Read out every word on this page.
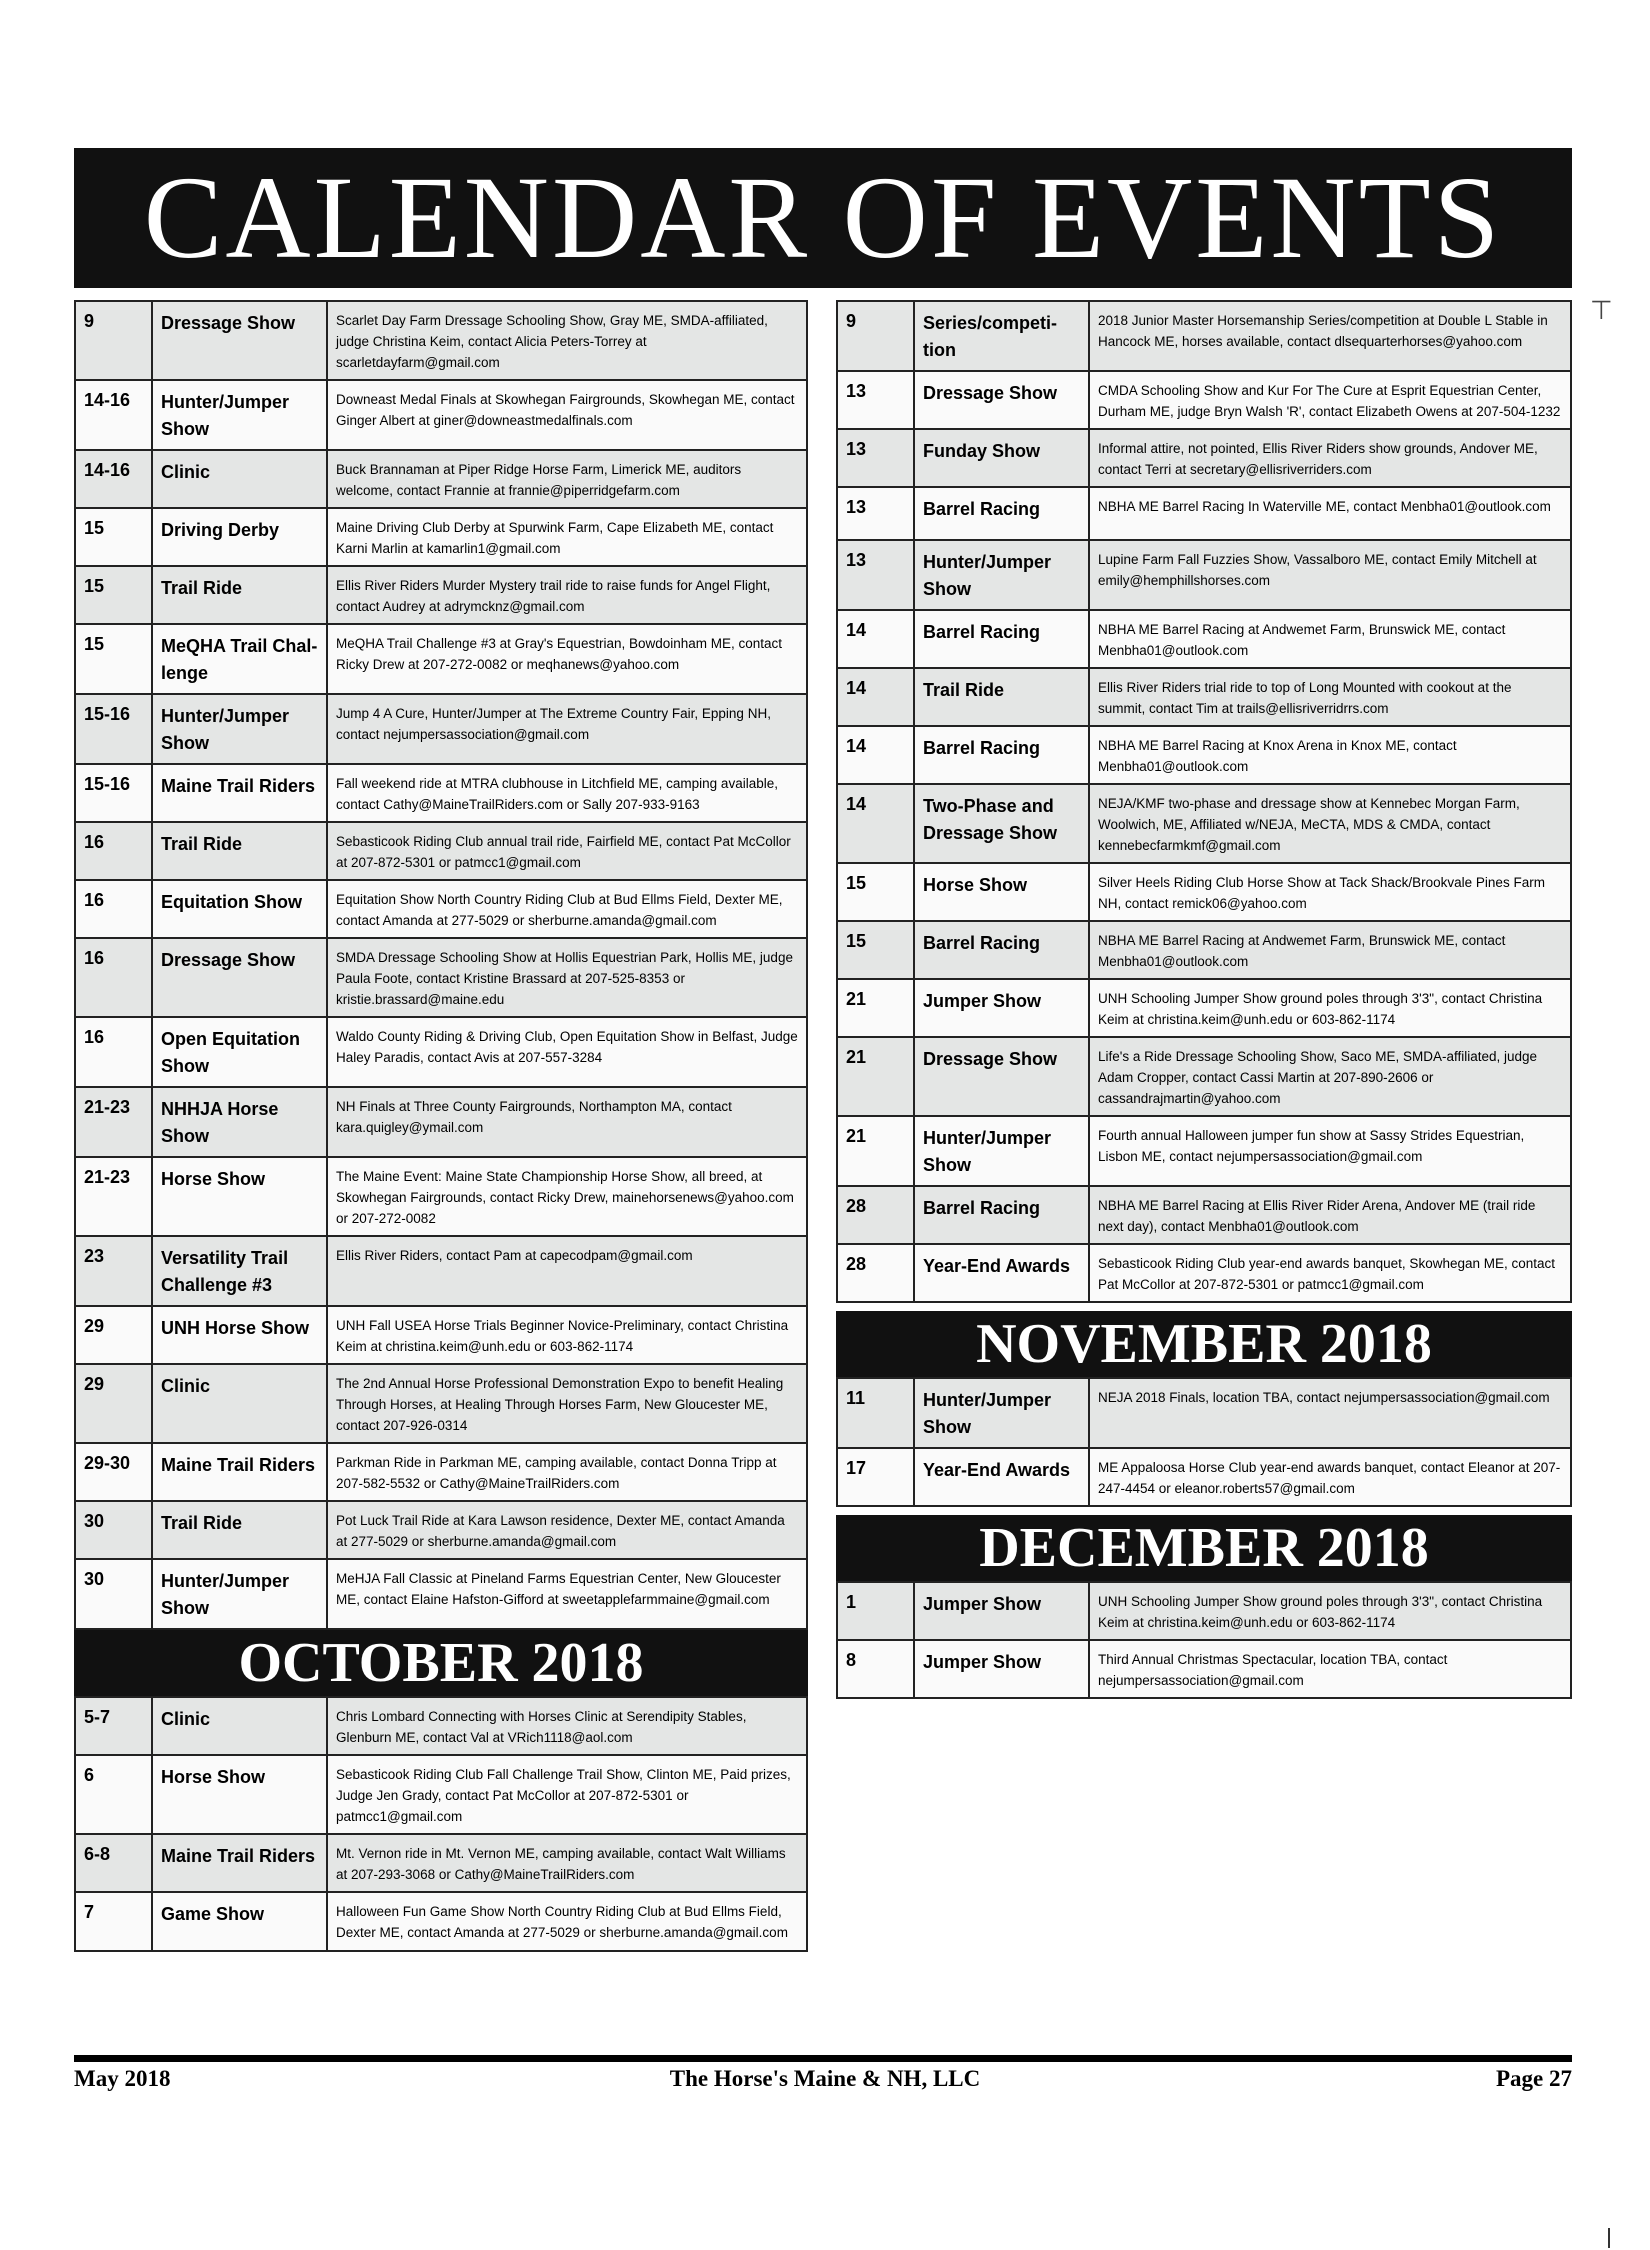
CALENDAR OF EVENTS
⊤
9	Dressage Show	Scarlet Day Farm Dressage Schooling Show, Gray ME, SMDA-affiliated, judge Christina Keim, contact Alicia Peters-Torrey at scarletdayfarm@gmail.com
14-16	Hunter/Jumper Show	Downeast Medal Finals at Skowhegan Fairgrounds, Skowhegan ME, contact Ginger Albert at giner@downeastmedalfinals.com
14-16	Clinic	Buck Brannaman at Piper Ridge Horse Farm, Limerick ME, auditors welcome, contact Frannie at frannie@piperridgefarm.com
15	Driving Derby	Maine Driving Club Derby at Spurwink Farm, Cape Elizabeth ME, contact Karni Marlin at kamarlin1@gmail.com
15	Trail Ride	Ellis River Riders Murder Mystery trail ride to raise funds for Angel Flight, contact Audrey at adrymcknz@gmail.com
15	MeQHA Trail Chal-lenge	MeQHA Trail Challenge #3 at Gray's Equestrian, Bowdoinham ME, contact Ricky Drew at 207-272-0082 or meqhanews@yahoo.com
15-16	Hunter/Jumper Show	Jump 4 A Cure, Hunter/Jumper at The Extreme Country Fair, Epping NH, contact nejumpersassociation@gmail.com
15-16	Maine Trail Riders	Fall weekend ride at MTRA clubhouse in Litchfield ME, camping available, contact Cathy@MaineTrailRiders.com or Sally 207-933-9163
16	Trail Ride	Sebasticook Riding Club annual trail ride, Fairfield ME, contact Pat McCollor at 207-872-5301 or patmcc1@gmail.com
16	Equitation Show	Equitation Show North Country Riding Club at Bud Ellms Field, Dexter ME, contact Amanda at 277-5029 or sherburne.amanda@gmail.com
16	Dressage Show	SMDA Dressage Schooling Show at Hollis Equestrian Park, Hollis ME, judge Paula Foote, contact Kristine Brassard at 207-525-8353 or kristie.brassard@maine.edu
16	Open Equitation Show	Waldo County Riding & Driving Club, Open Equitation Show in Belfast, Judge Haley Paradis, contact Avis at 207-557-3284
21-23	NHHJA Horse Show	NH Finals at Three County Fairgrounds, Northampton MA, contact kara.quigley@ymail.com
21-23	Horse Show	The Maine Event: Maine State Championship Horse Show, all breed, at Skowhegan Fairgrounds, contact Ricky Drew, mainehorsenews@yahoo.com or 207-272-0082
23	Versatility Trail Challenge #3	Ellis River Riders, contact Pam at capecodpam@gmail.com
29	UNH Horse Show	UNH Fall USEA Horse Trials Beginner Novice-Preliminary, contact Christina Keim at christina.keim@unh.edu or 603-862-1174
29	Clinic	The 2nd Annual Horse Professional Demonstration Expo to benefit Healing Through Horses, at Healing Through Horses Farm, New Gloucester ME, contact 207-926-0314
29-30	Maine Trail Riders	Parkman Ride in Parkman ME, camping available, contact Donna Tripp at 207-582-5532 or Cathy@MaineTrailRiders.com
30	Trail Ride	Pot Luck Trail Ride at Kara Lawson residence, Dexter ME, contact Amanda at 277-5029 or sherburne.amanda@gmail.com
30	Hunter/Jumper Show	MeHJA Fall Classic at Pineland Farms Equestrian Center, New Gloucester ME, contact Elaine Hafston-Gifford at sweetapplefarmmaine@gmail.com
OCTOBER 2018
5-7	Clinic	Chris Lombard Connecting with Horses Clinic at Serendipity Stables, Glenburn ME, contact Val at VRich1118@aol.com
6	Horse Show	Sebasticook Riding Club Fall Challenge Trail Show, Clinton ME, Paid prizes, Judge Jen Grady, contact Pat McCollor at 207-872-5301 or patmcc1@gmail.com
6-8	Maine Trail Riders	Mt. Vernon ride in Mt. Vernon ME, camping available, contact Walt Williams at 207-293-3068 or Cathy@MaineTrailRiders.com
7	Game Show	Halloween Fun Game Show North Country Riding Club at Bud Ellms Field, Dexter ME, contact Amanda at 277-5029 or sherburne.amanda@gmail.com
9	Series/competi-tion	2018 Junior Master Horsemanship Series/competition at Double L Stable in Hancock ME, horses available, contact dlsequarterhorses@yahoo.com
13	Dressage Show	CMDA Schooling Show and Kur For The Cure at Esprit Equestrian Center, Durham ME, judge Bryn Walsh 'R', contact Elizabeth Owens at 207-504-1232
13	Funday Show	Informal attire, not pointed, Ellis River Riders show grounds, Andover ME, contact Terri at secretary@ellisriverriders.com
13	Barrel Racing	NBHA ME Barrel Racing In Waterville ME, contact Menbha01@outlook.com
13	Hunter/Jumper Show	Lupine Farm Fall Fuzzies Show, Vassalboro ME, contact Emily Mitchell at emily@hemphillshorses.com
14	Barrel Racing	NBHA ME Barrel Racing at Andwemet Farm, Brunswick ME, contact Menbha01@outlook.com
14	Trail Ride	Ellis River Riders trial ride to top of Long Mounted with cookout at the summit, contact Tim at trails@ellisriverridrrs.com
14	Barrel Racing	NBHA ME Barrel Racing at Knox Arena in Knox ME, contact Menbha01@outlook.com
14	Two-Phase and Dressage Show	NEJA/KMF two-phase and dressage show at Kennebec Morgan Farm, Woolwich, ME, Affiliated w/NEJA, MeCTA, MDS & CMDA, contact kennebecfarmkmf@gmail.com
15	Horse Show	Silver Heels Riding Club Horse Show at Tack Shack/Brookvale Pines Farm NH, contact remick06@yahoo.com
15	Barrel Racing	NBHA ME Barrel Racing at Andwemet Farm, Brunswick ME, contact Menbha01@outlook.com
21	Jumper Show	UNH Schooling Jumper Show ground poles through 3'3", contact Christina Keim at christina.keim@unh.edu or 603-862-1174
21	Dressage Show	Life's a Ride Dressage Schooling Show, Saco ME, SMDA-affiliated, judge Adam Cropper, contact Cassi Martin at 207-890-2606 or cassandrajmartin@yahoo.com
21	Hunter/Jumper Show	Fourth annual Halloween jumper fun show at Sassy Strides Equestrian, Lisbon ME, contact nejumpersassociation@gmail.com
28	Barrel Racing	NBHA ME Barrel Racing at Ellis River Rider Arena, Andover ME (trail ride next day), contact Menbha01@outlook.com
28	Year-End Awards	Sebasticook Riding Club year-end awards banquet, Skowhegan ME, contact Pat McCollor at 207-872-5301 or patmcc1@gmail.com
NOVEMBER 2018
11	Hunter/Jumper Show	NEJA 2018 Finals, location TBA, contact nejumpersassociation@gmail.com
17	Year-End Awards	ME Appaloosa Horse Club year-end awards banquet, contact Eleanor at 207-247-4454 or eleanor.roberts57@gmail.com
DECEMBER 2018
1	Jumper Show	UNH Schooling Jumper Show ground poles through 3'3", contact Christina Keim at christina.keim@unh.edu or 603-862-1174
8	Jumper Show	Third Annual Christmas Spectacular, location TBA, contact nejumpersassociation@gmail.com
May 2018	The Horse's Maine & NH, LLC	Page 27
